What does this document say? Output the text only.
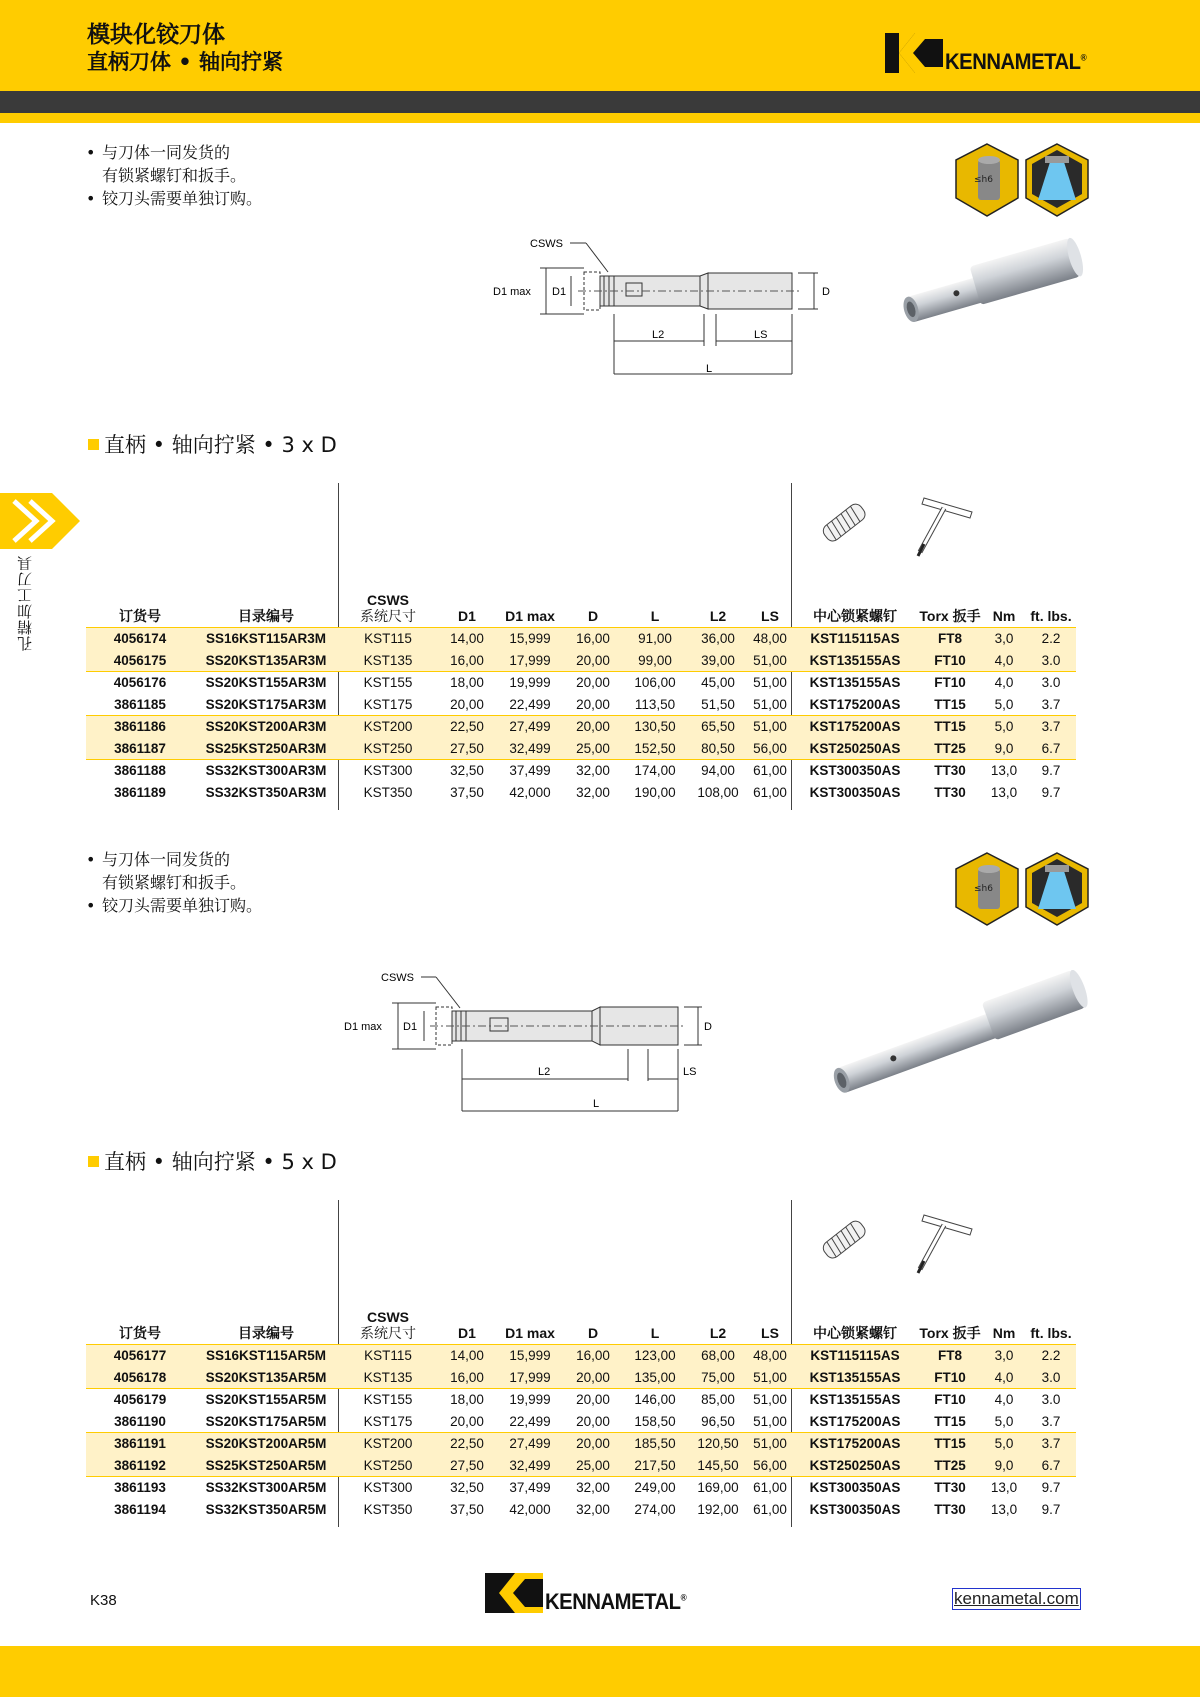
模块化铰刀体
直柄刀体 • 轴向拧紧	KENNAMETAL®
孔精加工刀具
• 与刀体一同发货的
有锁紧螺钉和扳手。
• 铰刀头需要单独订购。
≤h6
CSWS
D1 max D1	D
L2	LS
L
直柄 • 轴向拧紧 • 3 x D
订货号	目录编号	CSWS
系统尺寸	D1	D1 max	D	L	L2	LS	中心锁紧螺钉	Torx 扳手	Nm	ft. lbs.
4056174	SS16KST115AR3M	KST115	14,00	15,999	16,00	91,00	36,00	48,00	KST115115AS	FT8	3,0	2.2
4056175	SS20KST135AR3M	KST135	16,00	17,999	20,00	99,00	39,00	51,00	KST135155AS	FT10	4,0	3.0
4056176	SS20KST155AR3M	KST155	18,00	19,999	20,00	106,00	45,00	51,00	KST135155AS	FT10	4,0	3.0
3861185	SS20KST175AR3M	KST175	20,00	22,499	20,00	113,50	51,50	51,00	KST175200AS	TT15	5,0	3.7
3861186	SS20KST200AR3M	KST200	22,50	27,499	20,00	130,50	65,50	51,00	KST175200AS	TT15	5,0	3.7
3861187	SS25KST250AR3M	KST250	27,50	32,499	25,00	152,50	80,50	56,00	KST250250AS	TT25	9,0	6.7
3861188	SS32KST300AR3M	KST300	32,50	37,499	32,00	174,00	94,00	61,00	KST300350AS	TT30	13,0	9.7
3861189	SS32KST350AR3M	KST350	37,50	42,000	32,00	190,00	108,00	61,00	KST300350AS	TT30	13,0	9.7
• 与刀体一同发货的
有锁紧螺钉和扳手。
• 铰刀头需要单独订购。
≤h6
CSWS
D1 max D1	D
L2	LS
L
直柄 • 轴向拧紧 • 5 x D
订货号	目录编号	CSWS
系统尺寸	D1	D1 max	D	L	L2	LS	中心锁紧螺钉	Torx 扳手	Nm	ft. lbs.
4056177	SS16KST115AR5M	KST115	14,00	15,999	16,00	123,00	68,00	48,00	KST115115AS	FT8	3,0	2.2
4056178	SS20KST135AR5M	KST135	16,00	17,999	20,00	135,00	75,00	51,00	KST135155AS	FT10	4,0	3.0
4056179	SS20KST155AR5M	KST155	18,00	19,999	20,00	146,00	85,00	51,00	KST135155AS	FT10	4,0	3.0
3861190	SS20KST175AR5M	KST175	20,00	22,499	20,00	158,50	96,50	51,00	KST175200AS	TT15	5,0	3.7
3861191	SS20KST200AR5M	KST200	22,50	27,499	20,00	185,50	120,50	51,00	KST175200AS	TT15	5,0	3.7
3861192	SS25KST250AR5M	KST250	27,50	32,499	25,00	217,50	145,50	56,00	KST250250AS	TT25	9,0	6.7
3861193	SS32KST300AR5M	KST300	32,50	37,499	32,00	249,00	169,00	61,00	KST300350AS	TT30	13,0	9.7
3861194	SS32KST350AR5M	KST350	37,50	42,000	32,00	274,00	192,00	61,00	KST300350AS	TT30	13,0	9.7
K38	KENNAMETAL®	kennametal.com
